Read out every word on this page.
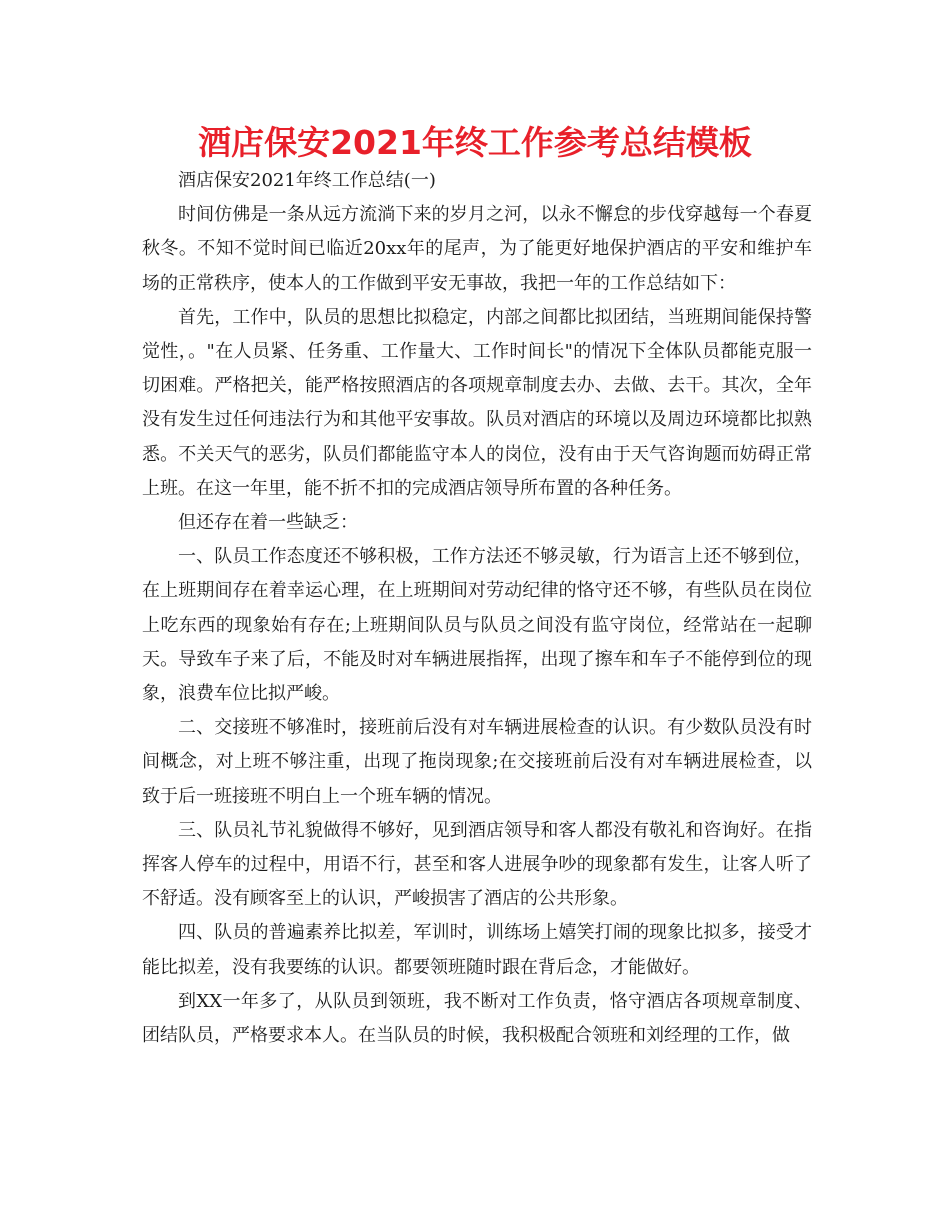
酒店保安2021年终工作参考总结模板

酒店保安2021年终工作总结(一)

时间仿佛是一条从远方流淌下来的岁月之河，以永不懈怠的步伐穿越每一个春夏秋冬。不知不觉时间已临近20xx年的尾声，为了能更好地保护酒店的平安和维护车场的正常秩序，使本人的工作做到平安无事故，我把一年的工作总结如下：

首先，工作中，队员的思想比拟稳定，内部之间都比拟团结，当班期间能保持警觉性，。"在人员紧、任务重、工作量大、工作时间长"的情况下全体队员都能克服一切困难。严格把关，能严格按照酒店的各项规章制度去办、去做、去干。其次，全年没有发生过任何违法行为和其他平安事故。队员对酒店的环境以及周边环境都比拟熟悉。不关天气的恶劣，队员们都能监守本人的岗位，没有由于天气咨询题而妨碍正常上班。在这一年里，能不折不扣的完成酒店领导所布置的各种任务。

但还存在着一些缺乏：

一、队员工作态度还不够积极，工作方法还不够灵敏，行为语言上还不够到位，在上班期间存在着幸运心理，在上班期间对劳动纪律的恪守还不够，有些队员在岗位上吃东西的现象始有存在;上班期间队员与队员之间没有监守岗位，经常站在一起聊天。导致车子来了后，不能及时对车辆进展指挥，出现了擦车和车子不能停到位的现象，浪费车位比拟严峻。

二、交接班不够准时，接班前后没有对车辆进展检查的认识。有少数队员没有时间概念，对上班不够注重，出现了拖岗现象;在交接班前后没有对车辆进展检查，以致于后一班接班不明白上一个班车辆的情况。

三、队员礼节礼貌做得不够好，见到酒店领导和客人都没有敬礼和咨询好。在指挥客人停车的过程中，用语不行，甚至和客人进展争吵的现象都有发生，让客人听了不舒适。没有顾客至上的认识，严峻损害了酒店的公共形象。

四、队员的普遍素养比拟差，军训时，训练场上嬉笑打闹的现象比拟多，接受才能比拟差，没有我要练的认识。都要领班随时跟在背后念，才能做好。

到XX一年多了，从队员到领班，我不断对工作负责，恪守酒店各项规章制度、团结队员，严格要求本人。在当队员的时候，我积极配合领班和刘经理的工作，做
